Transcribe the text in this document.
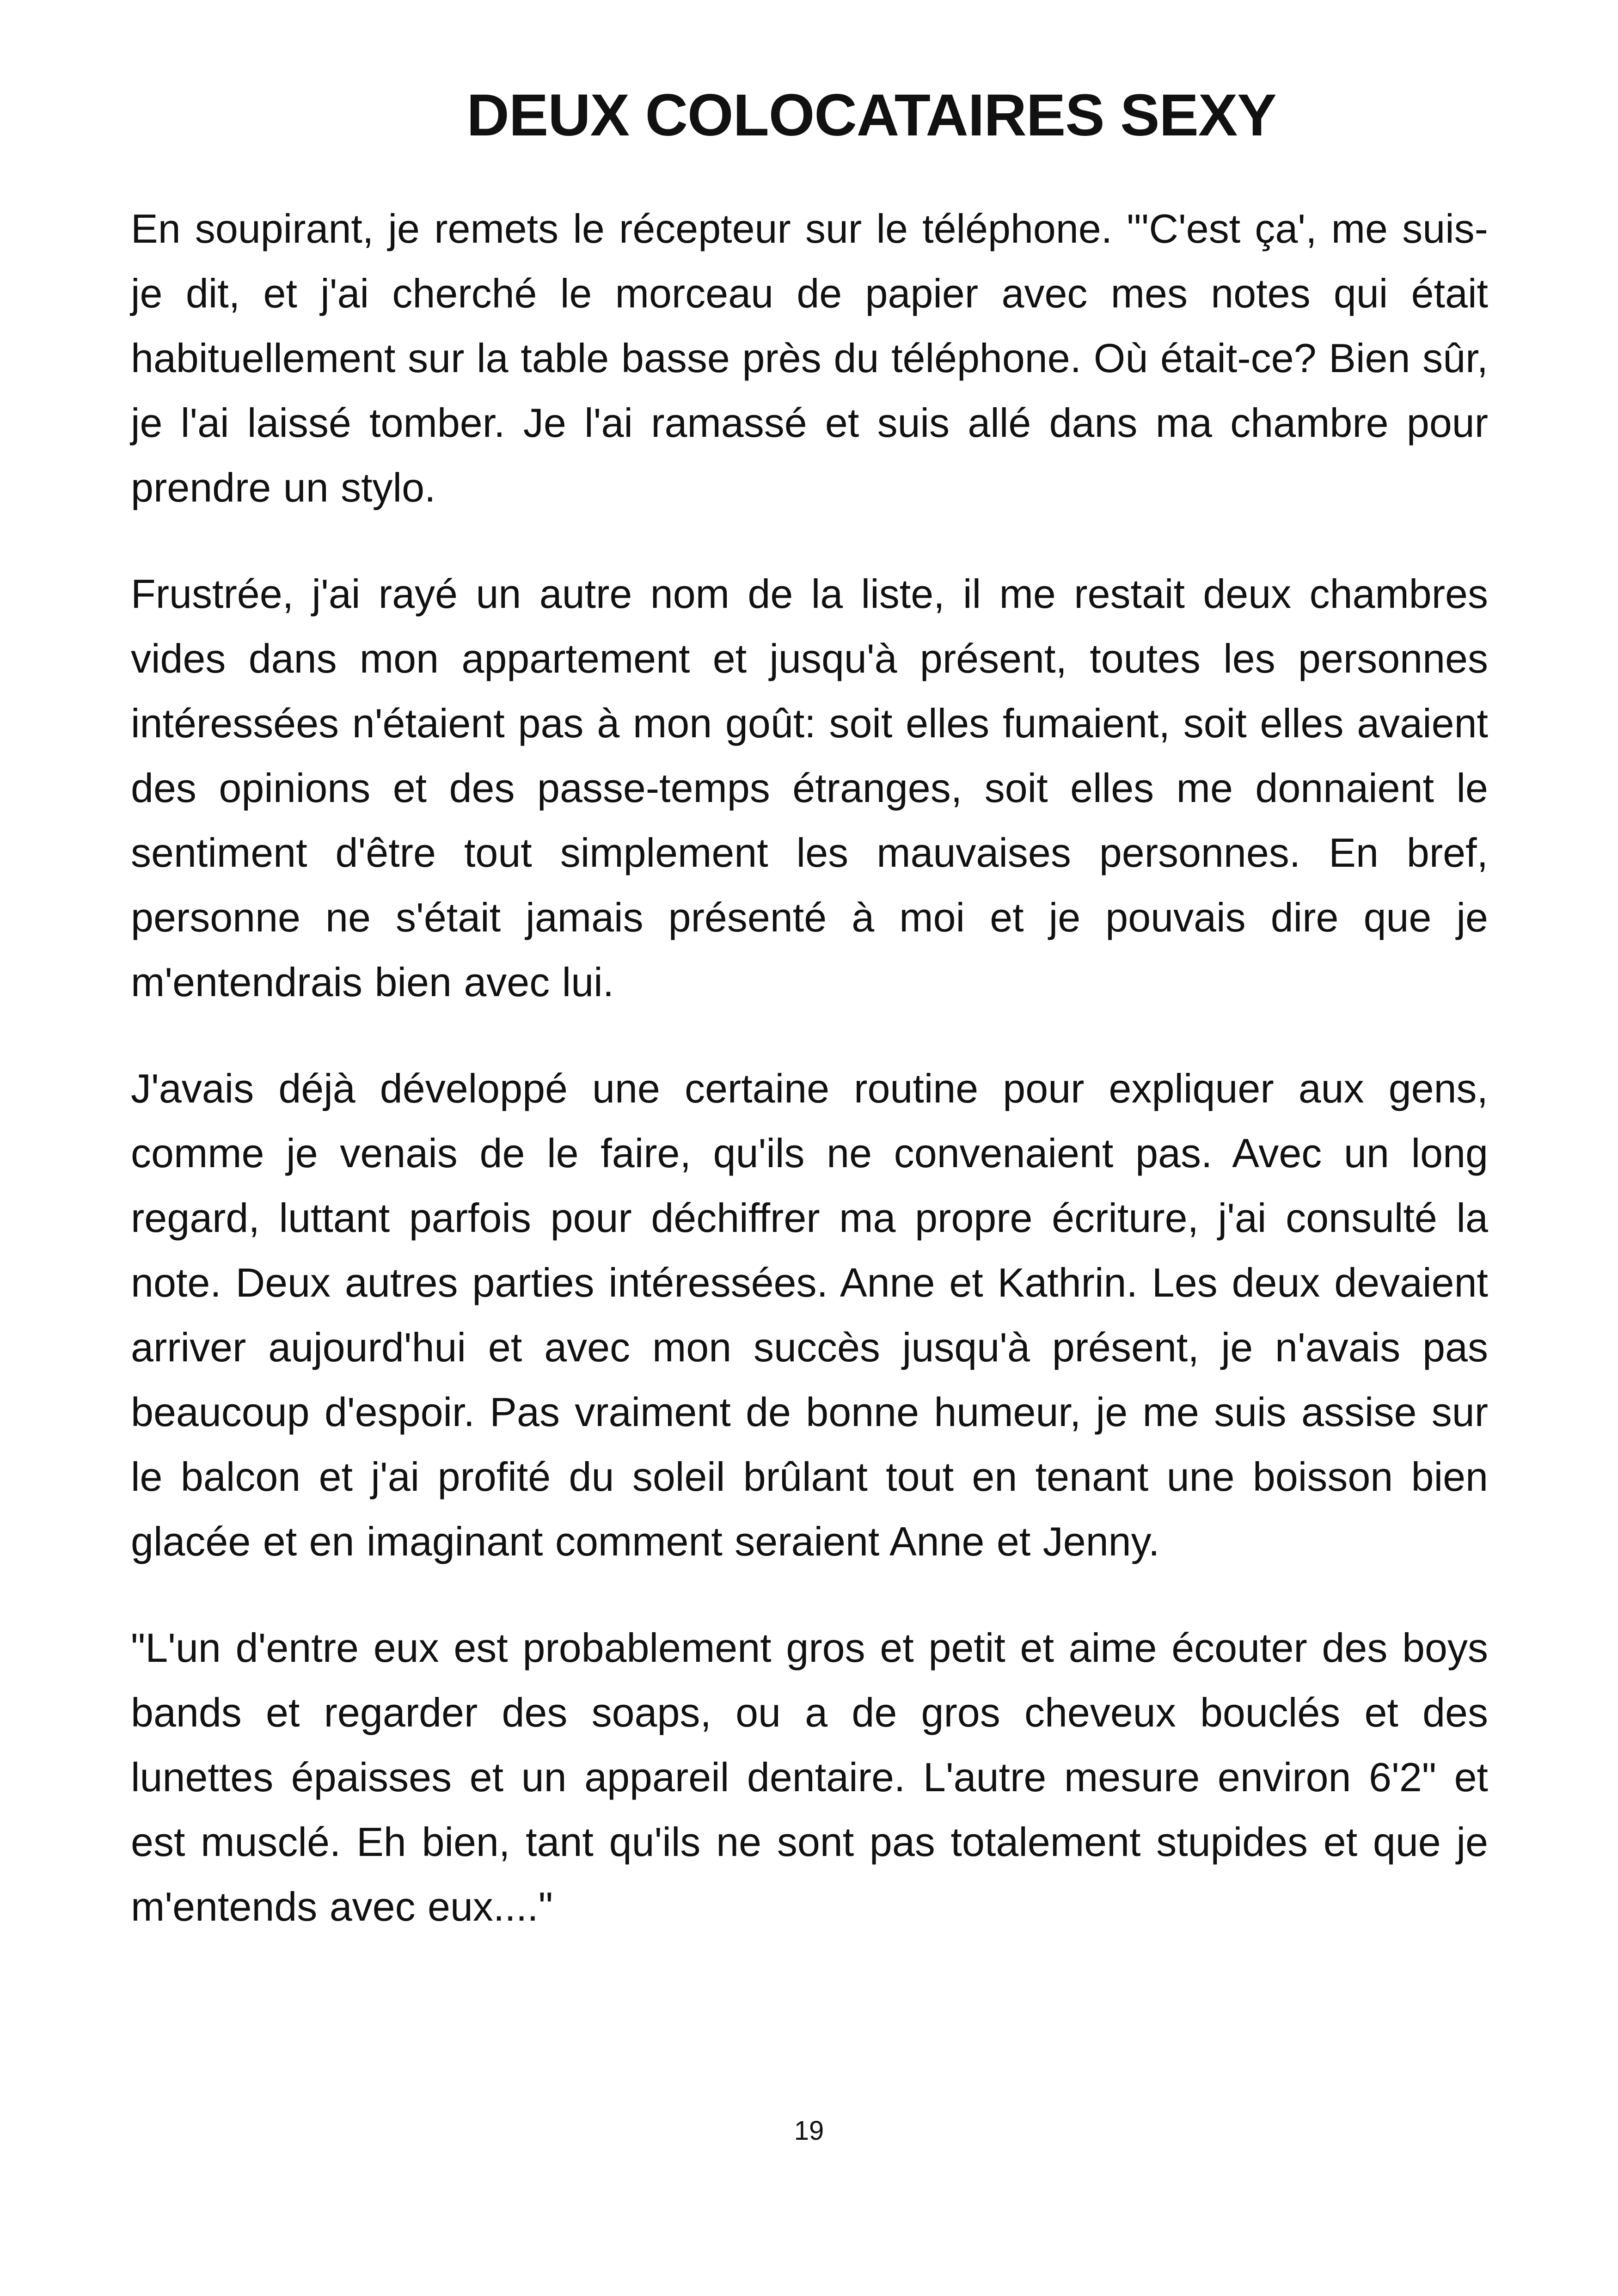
DEUX COLOCATAIRES SEXY

En soupirant, je remets le récepteur sur le téléphone. "'C'est ça', me suis-je dit, et j'ai cherché le morceau de papier avec mes notes qui était habituellement sur la table basse près du téléphone. Où était-ce? Bien sûr, je l'ai laissé tomber. Je l'ai ramassé et suis allé dans ma chambre pour prendre un stylo.

Frustrée, j'ai rayé un autre nom de la liste, il me restait deux chambres vides dans mon appartement et jusqu'à présent, toutes les personnes intéressées n'étaient pas à mon goût: soit elles fumaient, soit elles avaient des opinions et des passe-temps étranges, soit elles me donnaient le sentiment d'être tout simplement les mauvaises personnes. En bref, personne ne s'était jamais présenté à moi et je pouvais dire que je m'entendrais bien avec lui.

J'avais déjà développé une certaine routine pour expliquer aux gens, comme je venais de le faire, qu'ils ne convenaient pas. Avec un long regard, luttant parfois pour déchiffrer ma propre écriture, j'ai consulté la note. Deux autres parties intéressées. Anne et Kathrin. Les deux devaient arriver aujourd'hui et avec mon succès jusqu'à présent, je n'avais pas beaucoup d'espoir. Pas vraiment de bonne humeur, je me suis assise sur le balcon et j'ai profité du soleil brûlant tout en tenant une boisson bien glacée et en imaginant comment seraient Anne et Jenny.

"L'un d'entre eux est probablement gros et petit et aime écouter des boys bands et regarder des soaps, ou a de gros cheveux bouclés et des lunettes épaisses et un appareil dentaire. L'autre mesure environ 6'2" et est musclé. Eh bien, tant qu'ils ne sont pas totalement stupides et que je m'entends avec eux...."

19
